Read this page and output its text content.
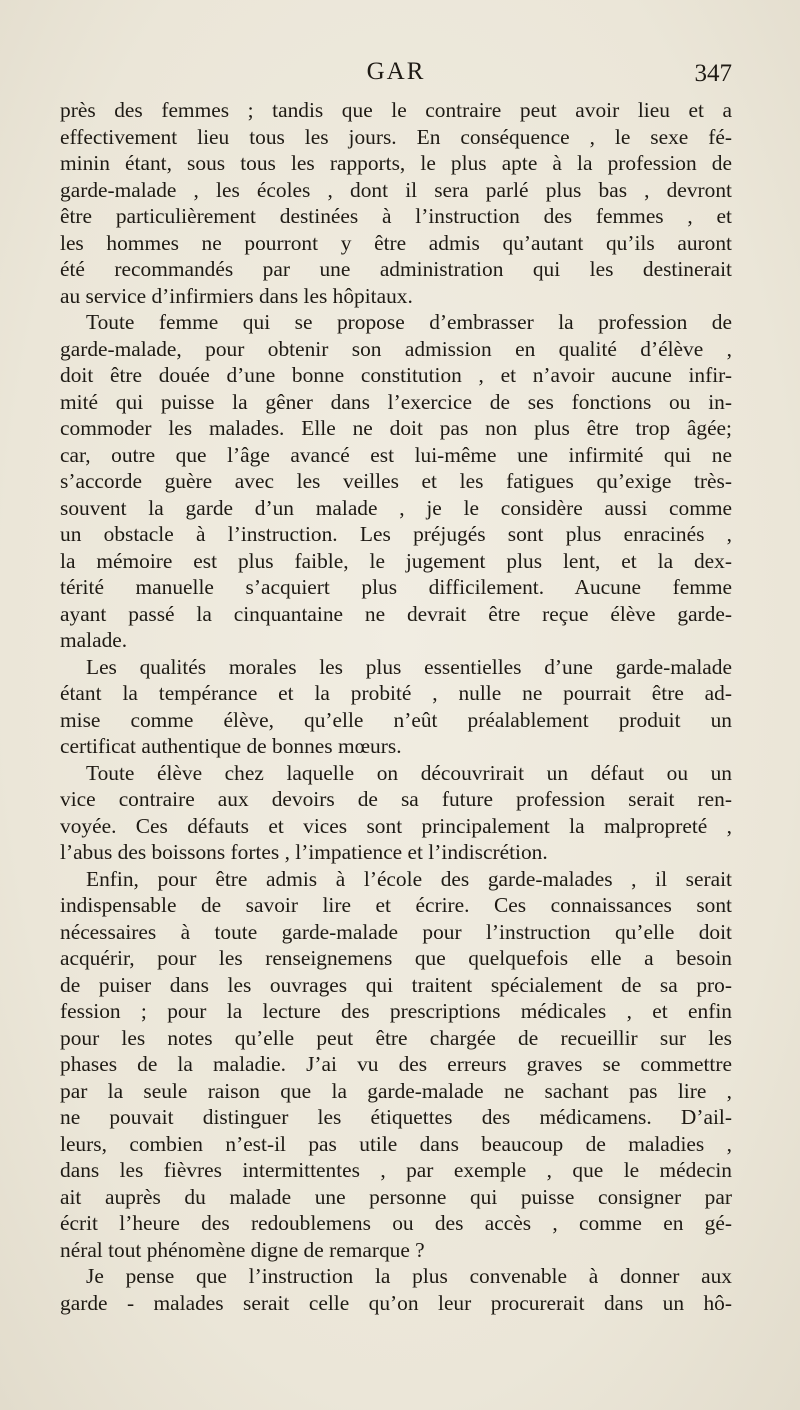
GAR	347
près des femmes ; tandis que le contraire peut avoir lieu et a
effectivement lieu tous les jours. En conséquence , le sexe fé-
minin étant, sous tous les rapports, le plus apte à la profession de
garde-malade , les écoles , dont il sera parlé plus bas , devront
être particulièrement destinées à l’instruction des femmes , et
les hommes ne pourront y être admis qu’autant qu’ils auront
été recommandés par une administration qui les destinerait
au service d’infirmiers dans les hôpitaux.
Toute femme qui se propose d’embrasser la profession de
garde-malade, pour obtenir son admission en qualité d’élève ,
doit être douée d’une bonne constitution , et n’avoir aucune infir-
mité qui puisse la gêner dans l’exercice de ses fonctions ou in-
commoder les malades. Elle ne doit pas non plus être trop âgée;
car, outre que l’âge avancé est lui-même une infirmité qui ne
s’accorde guère avec les veilles et les fatigues qu’exige très-
souvent la garde d’un malade , je le considère aussi comme
un obstacle à l’instruction. Les préjugés sont plus enracinés ,
la mémoire est plus faible, le jugement plus lent, et la dex-
térité manuelle s’acquiert plus difficilement. Aucune femme
ayant passé la cinquantaine ne devrait être reçue élève garde-
malade.
Les qualités morales les plus essentielles d’une garde-malade
étant la tempérance et la probité , nulle ne pourrait être ad-
mise comme élève, qu’elle n’eût préalablement produit un
certificat authentique de bonnes mœurs.
Toute élève chez laquelle on découvrirait un défaut ou un
vice contraire aux devoirs de sa future profession serait ren-
voyée. Ces défauts et vices sont principalement la malpropreté ,
l’abus des boissons fortes , l’impatience et l’indiscrétion.
Enfin, pour être admis à l’école des garde-malades , il serait
indispensable de savoir lire et écrire. Ces connaissances sont
nécessaires à toute garde-malade pour l’instruction qu’elle doit
acquérir, pour les renseignemens que quelquefois elle a besoin
de puiser dans les ouvrages qui traitent spécialement de sa pro-
fession ; pour la lecture des prescriptions médicales , et enfin
pour les notes qu’elle peut être chargée de recueillir sur les
phases de la maladie. J’ai vu des erreurs graves se commettre
par la seule raison que la garde-malade ne sachant pas lire ,
ne pouvait distinguer les étiquettes des médicamens. D’ail-
leurs, combien n’est-il pas utile dans beaucoup de maladies ,
dans les fièvres intermittentes , par exemple , que le médecin
ait auprès du malade une personne qui puisse consigner par
écrit l’heure des redoublemens ou des accès , comme en gé-
néral tout phénomène digne de remarque ?
Je pense que l’instruction la plus convenable à donner aux
garde - malades serait celle qu’on leur procurerait dans un hô-
